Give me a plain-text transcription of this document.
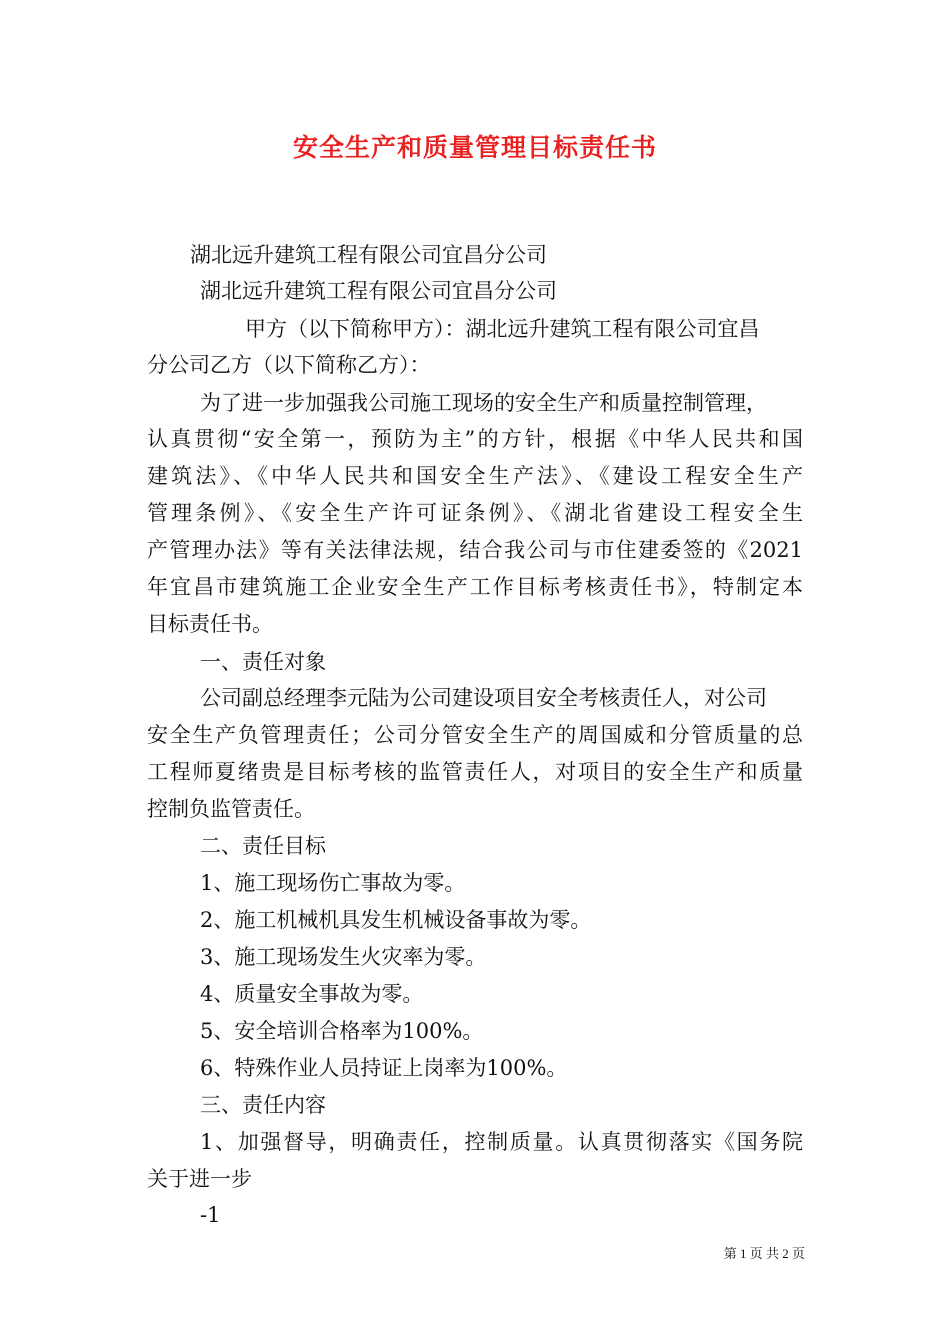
安全生产和质量管理目标责任书
湖北远升建筑工程有限公司宜昌分公司
湖北远升建筑工程有限公司宜昌分公司
甲方（以下简称甲方）：湖北远升建筑工程有限公司宜昌
分公司乙方（以下简称乙方）：
为了进一步加强我公司施工现场的安全生产和质量控制管理，
认真贯彻“安全第一，预防为主”的方针，根据《中华人民共和国
建筑法》、《中华人民共和国安全生产法》、《建设工程安全生产
管理条例》、《安全生产许可证条例》、《湖北省建设工程安全生
产管理办法》等有关法律法规，结合我公司与市住建委签的《2021
年宜昌市建筑施工企业安全生产工作目标考核责任书》，特制定本
目标责任书。
一、责任对象
公司副总经理李元陆为公司建设项目安全考核责任人，对公司
安全生产负管理责任；公司分管安全生产的周国威和分管质量的总
工程师夏绪贵是目标考核的监管责任人，对项目的安全生产和质量
控制负监管责任。
二、责任目标
1、施工现场伤亡事故为零。
2、施工机械机具发生机械设备事故为零。
3、施工现场发生火灾率为零。
4、质量安全事故为零。
5、安全培训合格率为100%。
6、特殊作业人员持证上岗率为100%。
三、责任内容
1、加强督导，明确责任，控制质量。认真贯彻落实《国务院
关于进一步
-1
第 1 页 共 2 页
